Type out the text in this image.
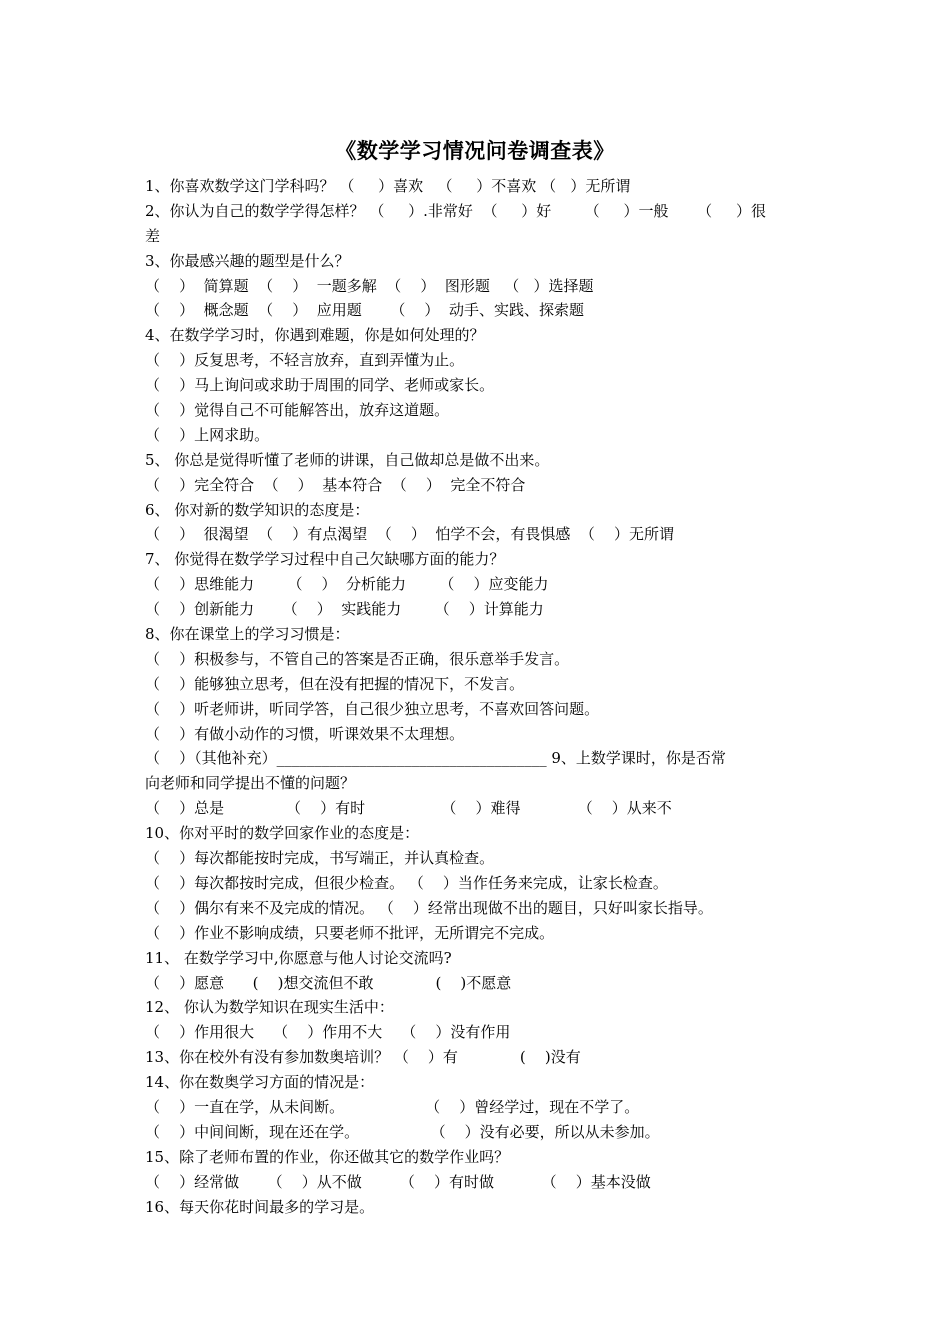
《数学学习情况问卷调查表》
1、你喜欢数学这门学科吗？ （     ）喜欢   （     ）不喜欢 （   ）无所谓
2、你认为自己的数学学得怎样？ （     ）.非常好  （     ）好       （     ）一般      （     ）很
差
3、你最感兴趣的题型是什么？
（    ）  简算题  （    ）  一题多解  （    ）  图形题   （   ）选择题
（    ）  概念题  （    ）  应用题      （    ）  动手、实践、探索题
4、在数学学习时，你遇到难题，你是如何处理的？
（    ）反复思考，不轻言放弃，直到弄懂为止。
（    ）马上询问或求助于周围的同学、老师或家长。
（    ）觉得自己不可能解答出，放弃这道题。
（    ）上网求助。
5、 你总是觉得听懂了老师的讲课，自己做却总是做不出来。
（    ）完全符合  （    ）  基本符合  （    ）  完全不符合
6、 你对新的数学知识的态度是：
（    ）  很渴望  （    ）有点渴望  （    ）  怕学不会，有畏惧感  （    ）无所谓
7、 你觉得在数学学习过程中自己欠缺哪方面的能力？
（    ）思维能力       （    ）  分析能力       （    ）应变能力
（    ）创新能力      （    ）  实践能力       （    ）计算能力
8、你在课堂上的学习习惯是：
（    ）积极参与，不管自己的答案是否正确，很乐意举手发言。
（    ）能够独立思考，但在没有把握的情况下，不发言。
（    ）听老师讲，听同学答，自己很少独立思考，不喜欢回答问题。
（    ）有做小动作的习惯，听课效果不太理想。
（    ）（其他补充）____________________________________ 9、上数学课时，你是否常
向老师和同学提出不懂的问题？
（    ）总是             （    ）有时                （    ）难得            （    ）从来不
10、你对平时的数学回家作业的态度是：
（    ）每次都能按时完成，书写端正，并认真检查。
（    ）每次都按时完成，但很少检查。 （    ）当作任务来完成，让家长检查。
（    ）偶尔有来不及完成的情况。 （    ）经常出现做不出的题目，只好叫家长指导。
（    ）作业不影响成绩，只要老师不批评，无所谓完不完成。
11、 在数学学习中,你愿意与他人讨论交流吗?
（    ）愿意      (    )想交流但不敢             (    )不愿意
12、 你认为数学知识在现实生活中：
（    ）作用很大    （    ）作用不大    （    ）没有作用
13、你在校外有没有参加数奥培训？ （    ）有             (    )没有
14、你在数奥学习方面的情况是：
（    ）一直在学，从未间断。                 （    ）曾经学过，现在不学了。
（    ）中间间断，现在还在学。               （    ）没有必要，所以从未参加。
15、除了老师布置的作业，你还做其它的数学作业吗？
（    ）经常做      （    ）从不做        （    ）有时做          （    ）基本没做
16、每天你花时间最多的学习是。
